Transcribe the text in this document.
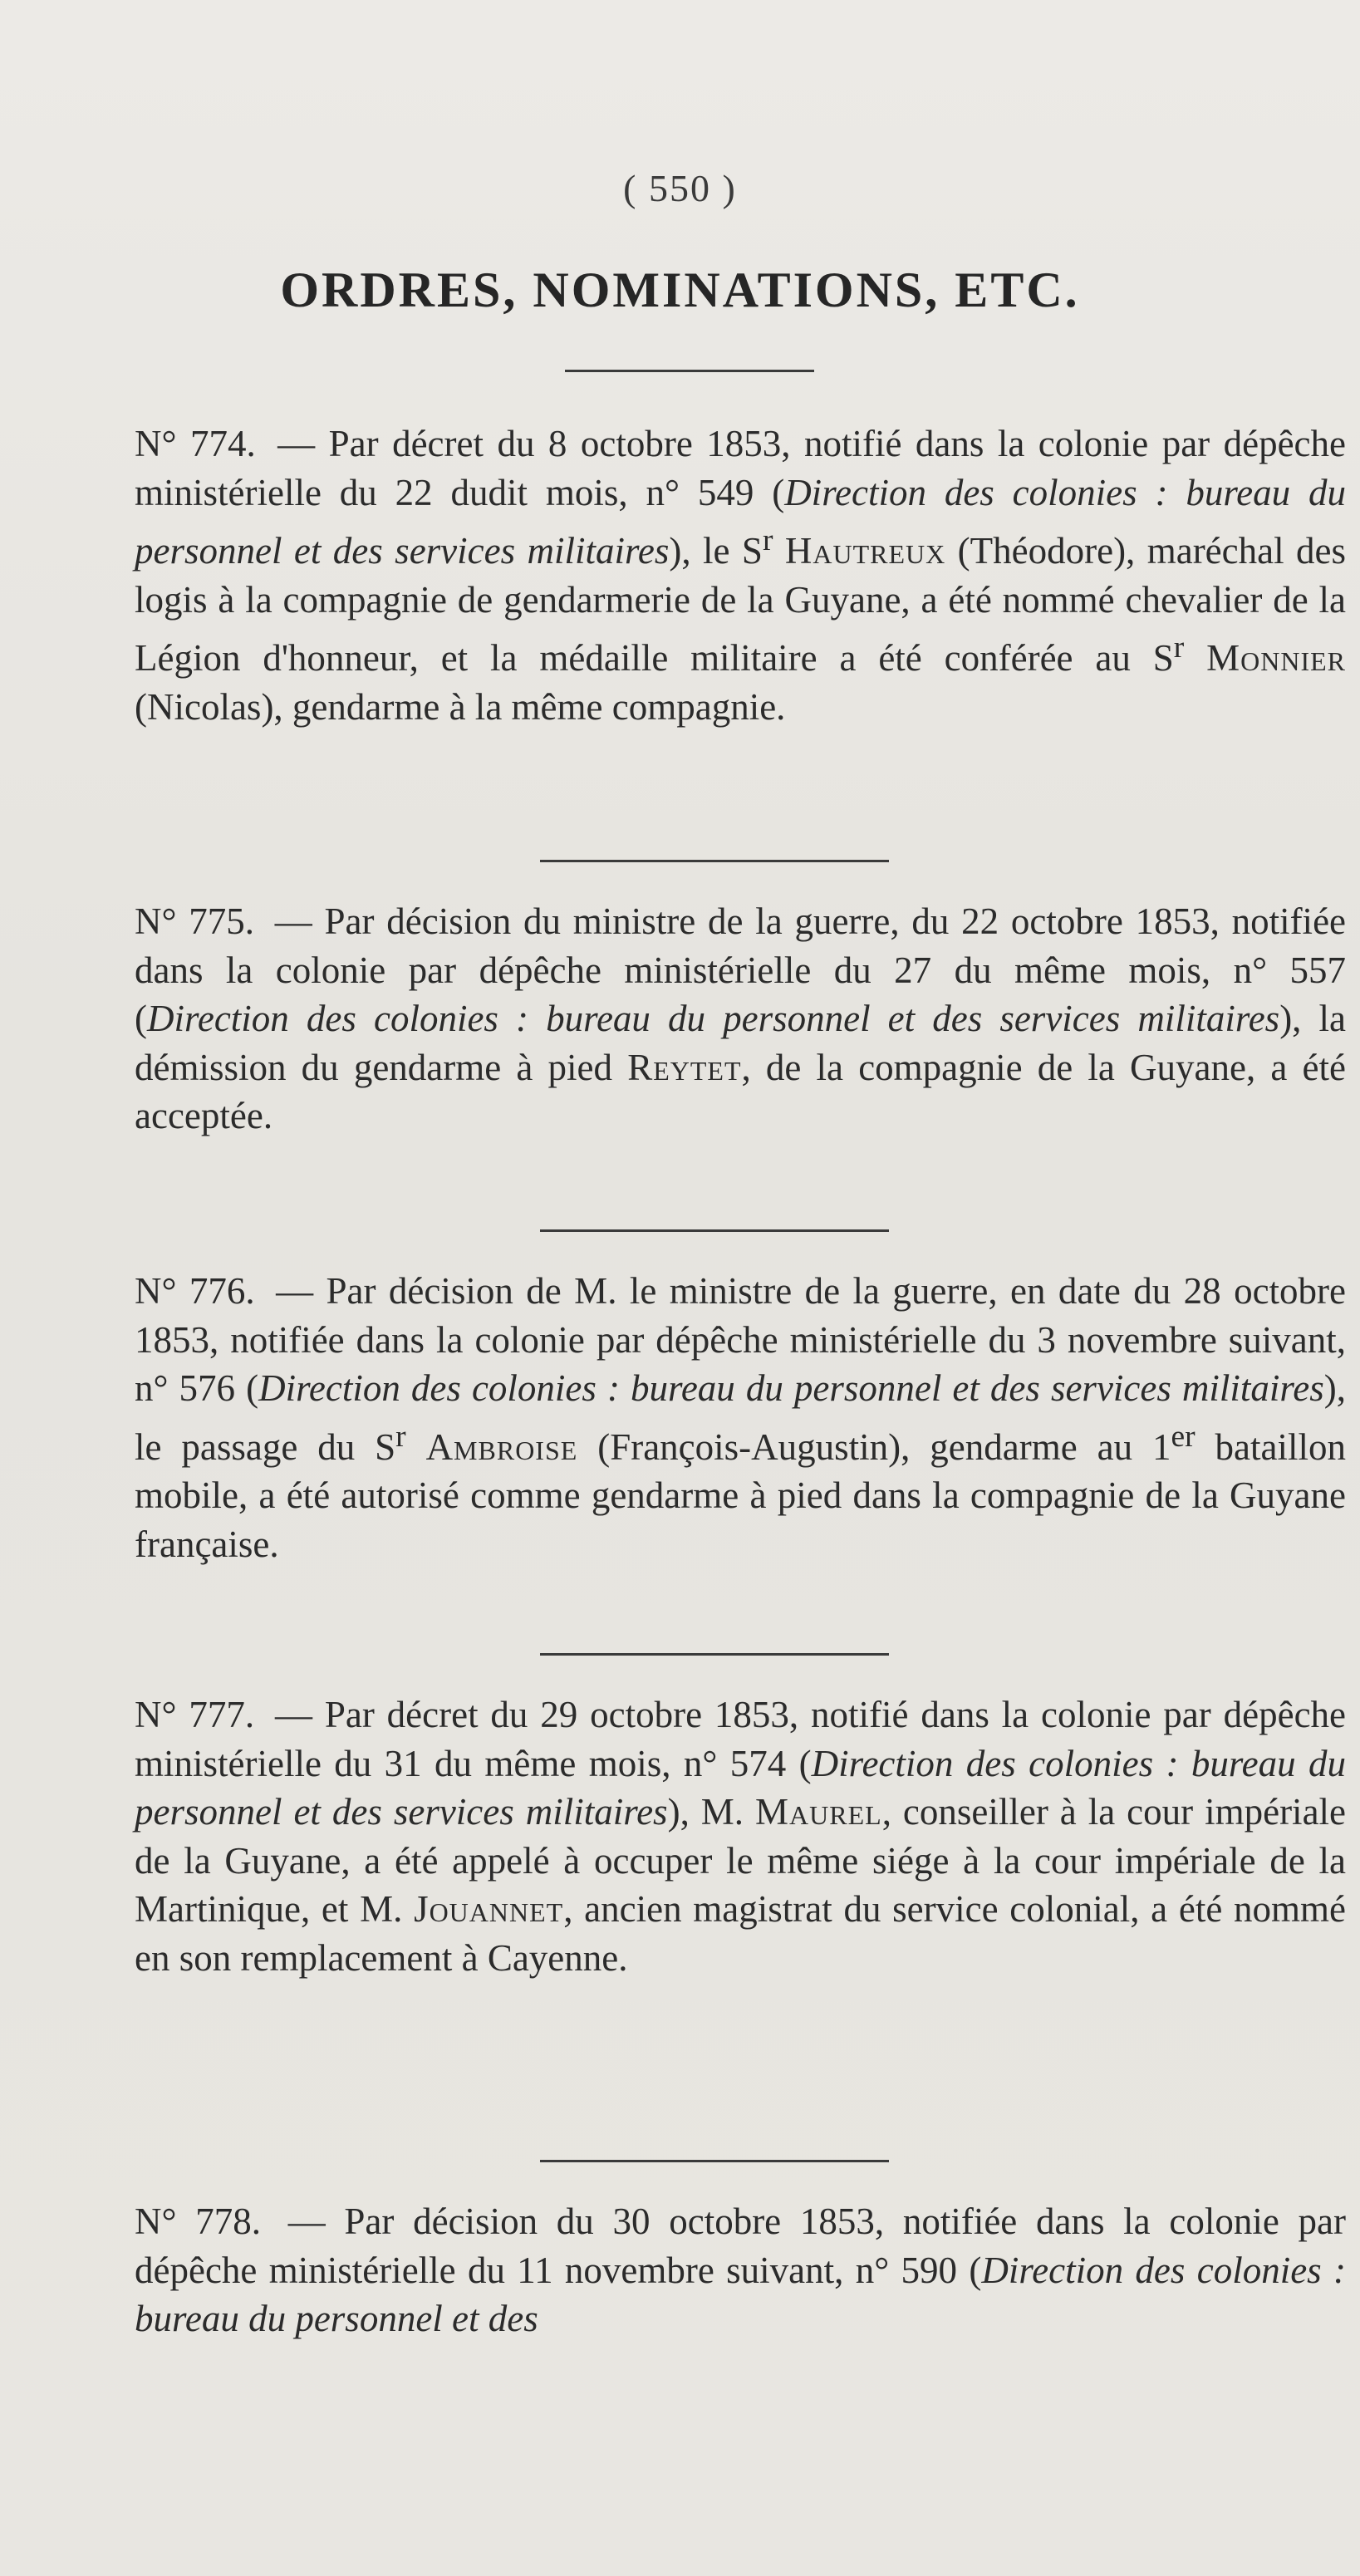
( 550 )
ORDRES, NOMINATIONS, ETC.

N° 774. — Par décret du 8 octobre 1853, notifié dans la colonie par dépêche ministérielle du 22 dudit mois, n° 549 (Direction des colonies : bureau du personnel et des services militaires), le $S^r$ Hautreux (Théodore), maréchal des logis à la compagnie de gendarmerie de la Guyane, a été nommé chevalier de la Légion d'honneur, et la médaille militaire a été conférée au $S^r$ Monnier (Nicolas), gendarme à la même compagnie.

N° 775. — Par décision du ministre de la guerre, du 22 octobre 1853, notifiée dans la colonie par dépêche ministérielle du 27 du même mois, n° 557 (Direction des colonies : bureau du personnel et des services militaires), la démission du gendarme à pied Reytet, de la compagnie de la Guyane, a été acceptée.

N° 776. — Par décision de M. le ministre de la guerre, en date du 28 octobre 1853, notifiée dans la colonie par dépêche ministérielle du 3 novembre suivant, n° 576 (Direction des colonies : bureau du personnel et des services militaires), le passage du $S^r$ Ambroise (François-Augustin), gendarme au 1er bataillon mobile, a été autorisé comme gendarme à pied dans la compagnie de la Guyane française.

N° 777. — Par décret du 29 octobre 1853, notifié dans la colonie par dépêche ministérielle du 31 du même mois, n° 574 (Direction des colonies : bureau du personnel et des services militaires), M. Maurel, conseiller à la cour impériale de la Guyane, a été appelé à occuper le même siége à la cour impériale de la Martinique, et M. Jouannet, ancien magistrat du service colonial, a été nommé en son remplacement à Cayenne.

N° 778. — Par décision du 30 octobre 1853, notifiée dans la colonie par dépêche ministérielle du 11 novembre suivant, n° 590 (Direction des colonies : bureau du personnel et des
